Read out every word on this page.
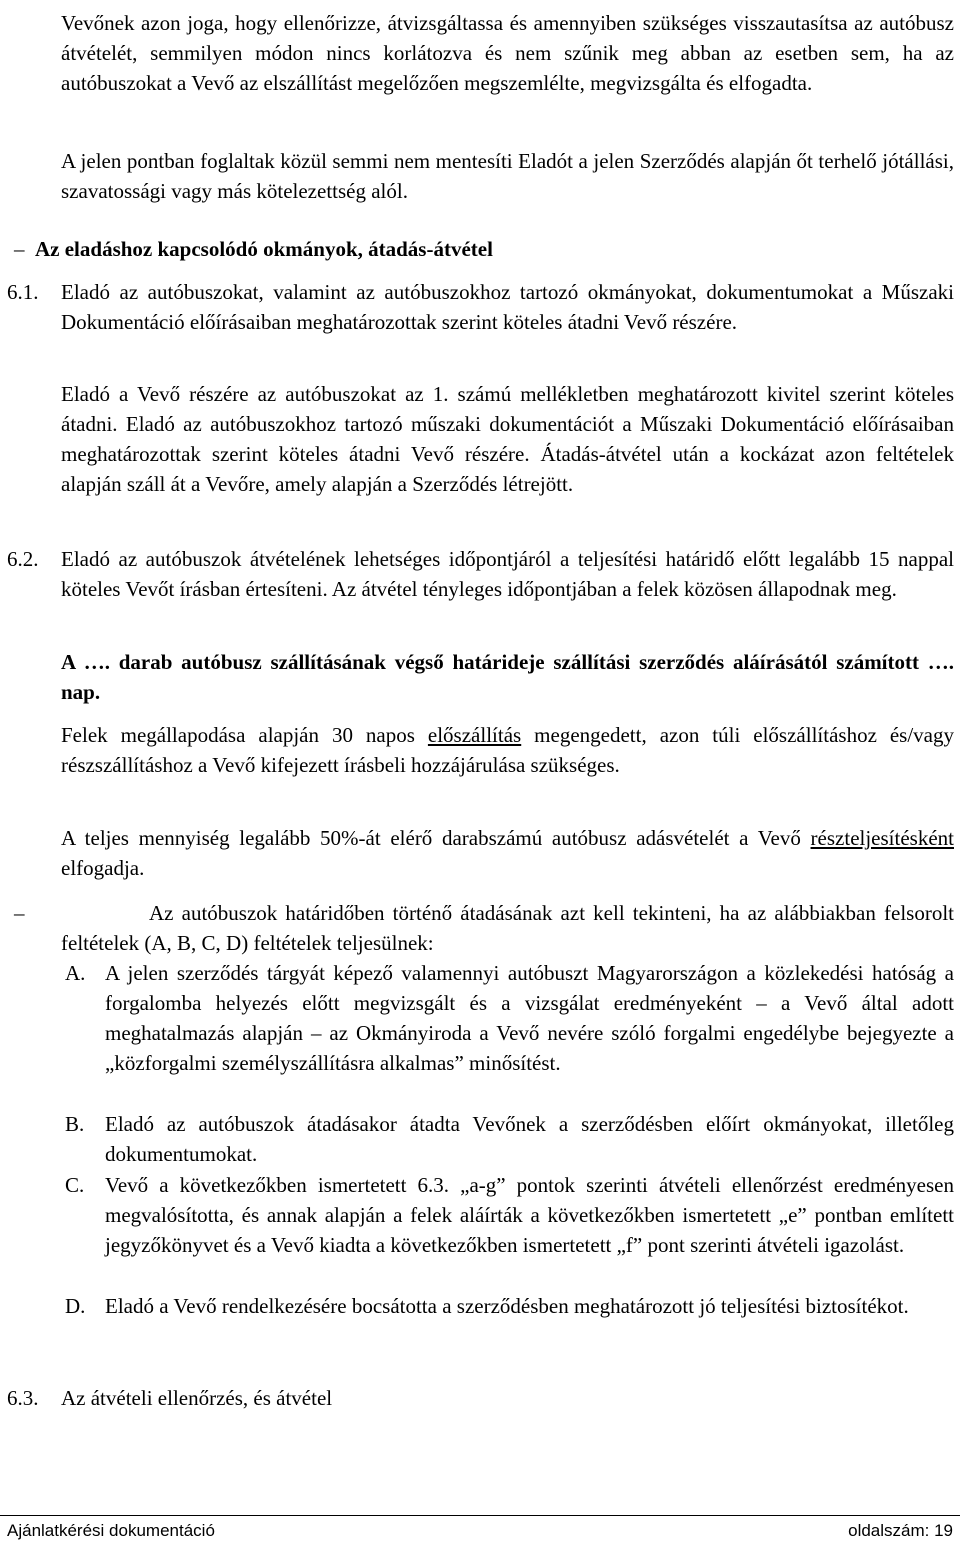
Vevőnek azon joga, hogy ellenőrizze, átvizsgáltassa és amennyiben szükséges visszautasítsa az autóbusz átvételét, semmilyen módon nincs korlátozva és nem szűnik meg abban az esetben sem, ha az autóbuszokat a Vevő az elszállítást megelőzően megszemlélte, megvizsgálta és elfogadta.

A jelen pontban foglaltak közül semmi nem mentesíti Eladót a jelen Szerződés alapján őt terhelő jótállási, szavatossági vagy más kötelezettség alól.

– Az eladáshoz kapcsolódó okmányok, átadás-átvétel
6.1. Eladó az autóbuszokat, valamint az autóbuszokhoz tartozó okmányokat, dokumentumokat a Műszaki Dokumentáció előírásaiban meghatározottak szerint köteles átadni Vevő részére.

Eladó a Vevő részére az autóbuszokat az 1. számú mellékletben meghatározott kivitel szerint köteles átadni. Eladó az autóbuszokhoz tartozó műszaki dokumentációt a Műszaki Dokumentáció előírásaiban meghatározottak szerint köteles átadni Vevő részére. Átadás-átvétel után a kockázat azon feltételek alapján száll át a Vevőre, amely alapján a Szerződés létrejött.

6.2. Eladó az autóbuszok átvételének lehetséges időpontjáról a teljesítési határidő előtt legalább 15 nappal köteles Vevőt írásban értesíteni. Az átvétel tényleges időpontjában a felek közösen állapodnak meg.

A …. darab autóbusz szállításának végső határideje szállítási szerződés aláírásától számított …. nap.

Felek megállapodása alapján 30 napos előszállítás megengedett, azon túli előszállításhoz és/vagy részszállításhoz a Vevő kifejezett írásbeli hozzájárulása szükséges.

A teljes mennyiség legalább 50%-át elérő darabszámú autóbusz adásvételét a Vevő részteljesítésként elfogadja.

–	Az autóbuszok határidőben történő átadásának azt kell tekinteni, ha az alábbiakban felsorolt feltételek (A, B, C, D) feltételek teljesülnek:

A. A jelen szerződés tárgyát képező valamennyi autóbuszt Magyarországon a közlekedési hatóság a forgalomba helyezés előtt megvizsgált és a vizsgálat eredményeként – a Vevő által adott meghatalmazás alapján – az Okmányiroda a Vevő nevére szóló forgalmi engedélybe bejegyezte a „közforgalmi személyszállításra alkalmas” minősítést.

B. Eladó az autóbuszok átadásakor átadta Vevőnek a szerződésben előírt okmányokat, illetőleg dokumentumokat.

C. Vevő a következőkben ismertetett 6.3. „a-g” pontok szerinti átvételi ellenőrzést eredményesen megvalósította, és annak alapján a felek aláírták a következőkben ismertetett „e” pontban említett jegyzőkönyvet és a Vevő kiadta a következőkben ismertetett „f” pont szerinti átvételi igazolást.

D. Eladó a Vevő rendelkezésére bocsátotta a szerződésben meghatározott jó teljesítési biztosítékot.

6.3. Az átvételi ellenőrzés, és átvétel
Ajánlatkérési dokumentáció	oldalszám: 19
